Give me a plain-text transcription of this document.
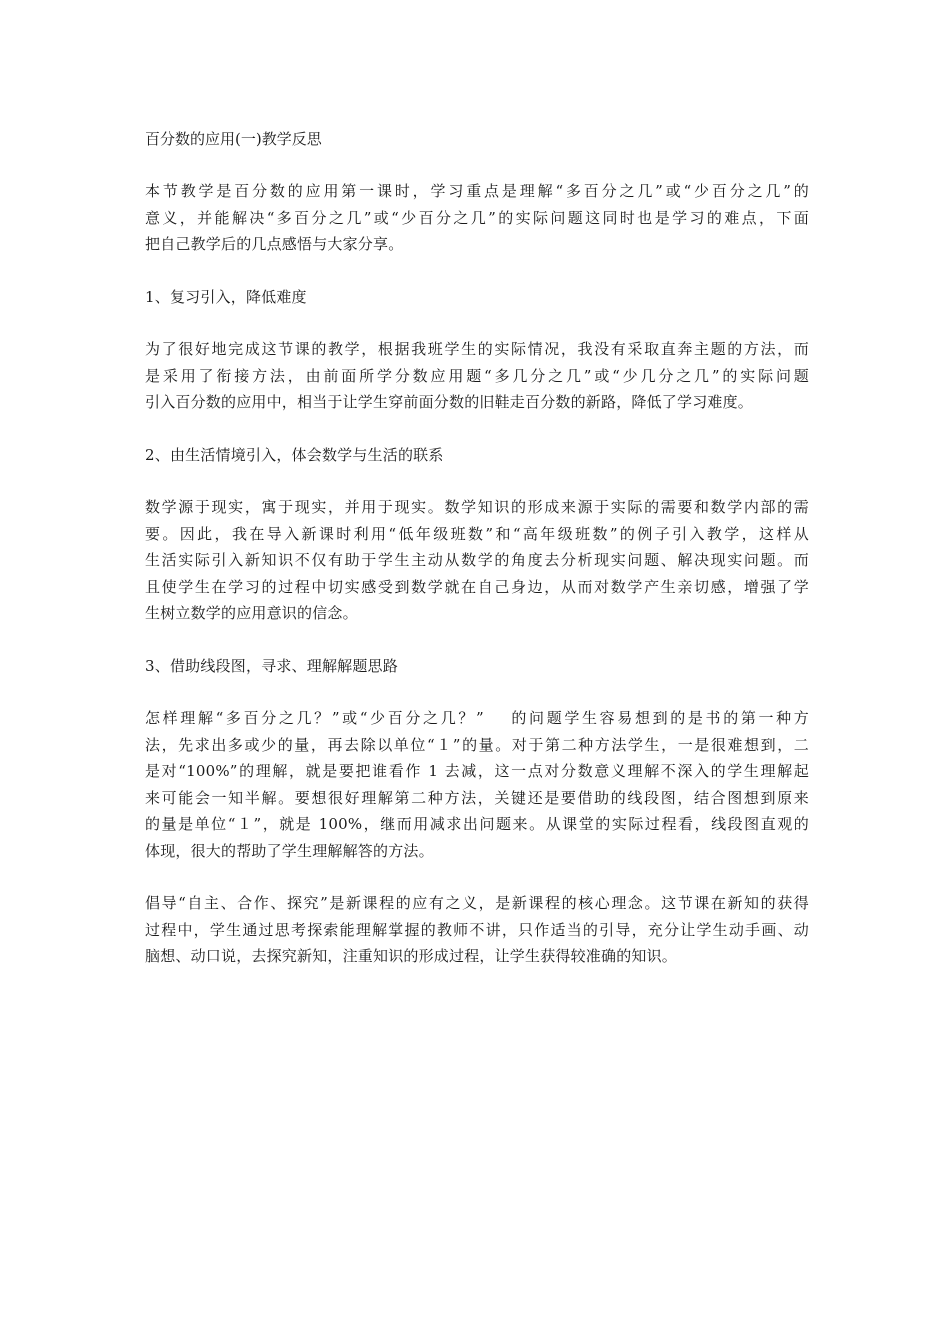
百分数的应用(一)教学反思

本节教学是百分数的应用第一课时，学习重点是理解“多百分之几”或“少百分之几”的

意义，并能解决“多百分之几”或“少百分之几”的实际问题这同时也是学习的难点，下面

把自己教学后的几点感悟与大家分享。

1、复习引入，降低难度

为了很好地完成这节课的教学，根据我班学生的实际情况，我没有采取直奔主题的方法，而

是采用了衔接方法，由前面所学分数应用题“多几分之几”或“少几分之几”的实际问题

引入百分数的应用中，相当于让学生穿前面分数的旧鞋走百分数的新路，降低了学习难度。

2、由生活情境引入，体会数学与生活的联系

数学源于现实，寓于现实，并用于现实。数学知识的形成来源于实际的需要和数学内部的需

要。因此，我在导入新课时利用“低年级班数”和“高年级班数”的例子引入教学，这样从

生活实际引入新知识不仅有助于学生主动从数学的角度去分析现实问题、解决现实问题。而

且使学生在学习的过程中切实感受到数学就在自己身边，从而对数学产生亲切感，增强了学

生树立数学的应用意识的信念。

3、借助线段图，寻求、理解解题思路

怎样理解“多百分之几？”或“少百分之几？”　 的问题学生容易想到的是书的第一种方

法，先求出多或少的量，再去除以单位“１”的量。对于第二种方法学生，一是很难想到，二

是对“100%”的理解，就是要把谁看作 1 去减，这一点对分数意义理解不深入的学生理解起

来可能会一知半解。要想很好理解第二种方法，关键还是要借助的线段图，结合图想到原来

的量是单位“１”，就是 100%，继而用减求出问题来。从课堂的实际过程看，线段图直观的

体现，很大的帮助了学生理解解答的方法。

倡导“自主、合作、探究”是新课程的应有之义，是新课程的核心理念。这节课在新知的获得

过程中，学生通过思考探索能理解掌握的教师不讲，只作适当的引导，充分让学生动手画、动

脑想、动口说，去探究新知，注重知识的形成过程，让学生获得较准确的知识。
